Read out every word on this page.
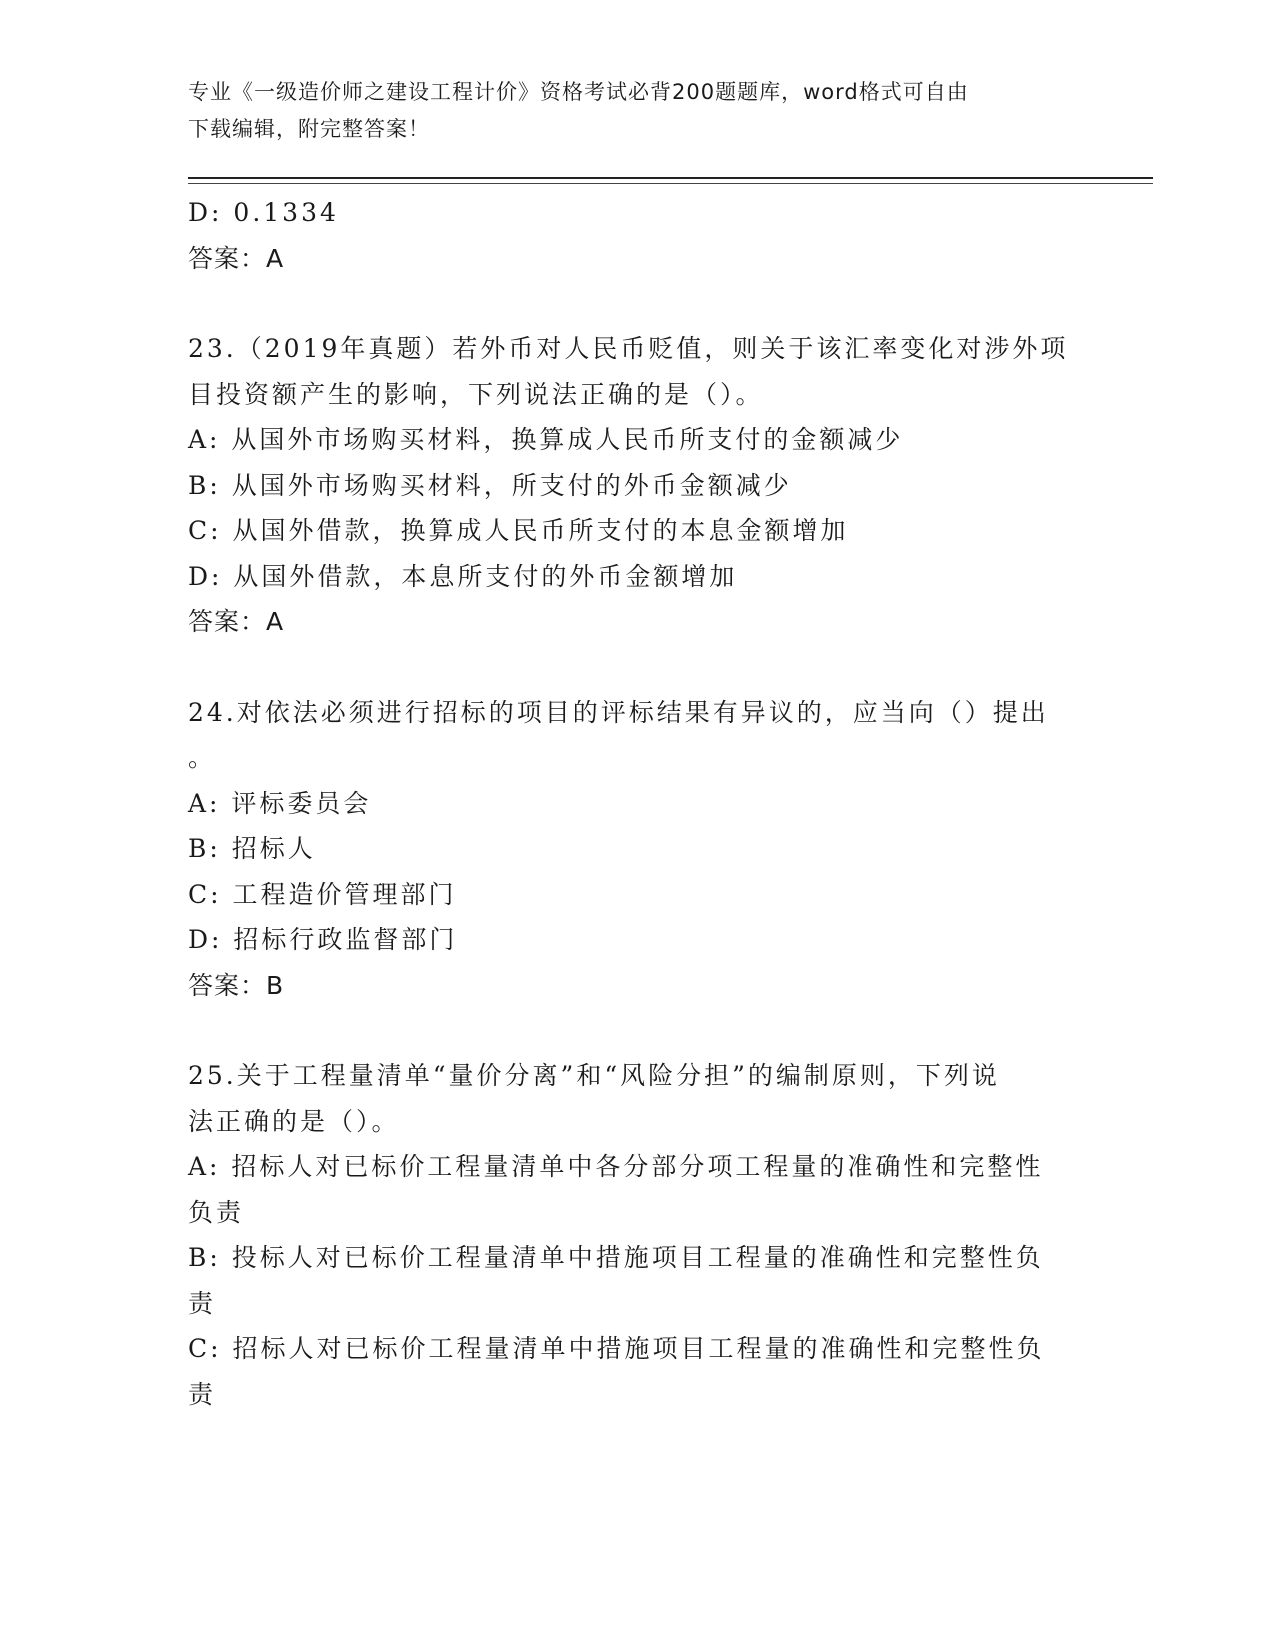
专业《一级造价师之建设工程计价》资格考试必背200题题库，word格式可自由
下载编辑，附完整答案！

D: 0.1334

答案：A

23.（2019年真题）若外币对人民币贬值，则关于该汇率变化对涉外项

目投资额产生的影响，下列说法正确的是（）。

A: 从国外市场购买材料，换算成人民币所支付的金额减少

B: 从国外市场购买材料，所支付的外币金额减少

C: 从国外借款，换算成人民币所支付的本息金额增加

D: 从国外借款，本息所支付的外币金额增加

答案：A

24.对依法必须进行招标的项目的评标结果有异议的，应当向（）提出

。

A: 评标委员会

B: 招标人

C: 工程造价管理部门

D: 招标行政监督部门

答案：B

25.关于工程量清单“量价分离”和“风险分担”的编制原则，下列说

法正确的是（）。

A: 招标人对已标价工程量清单中各分部分项工程量的准确性和完整性

负责

B: 投标人对已标价工程量清单中措施项目工程量的准确性和完整性负

责

C: 招标人对已标价工程量清单中措施项目工程量的准确性和完整性负

责
